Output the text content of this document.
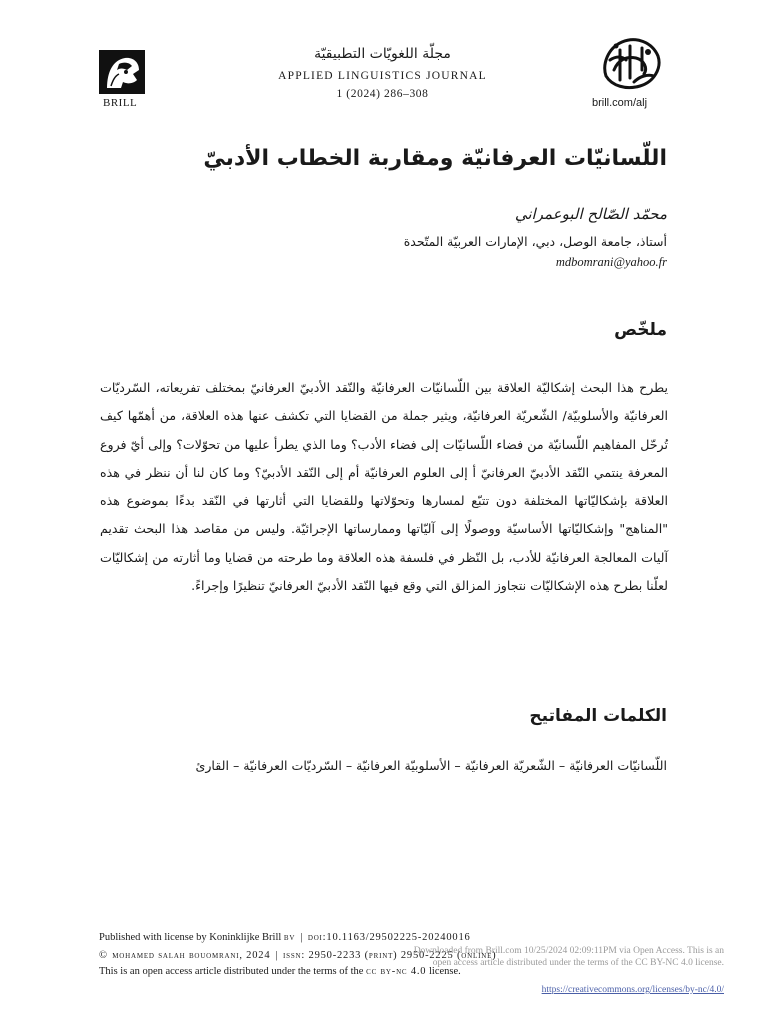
BRILL
مجلّة اللغويّات التطبيقيّة
APPLIED LINGUISTICS JOURNAL
1 (2024) 286–308
brill.com/alj
اللّسانيّات العرفانيّة ومقاربة الخطاب الأدبيّ
محمّد الصّالح البوعمراني
أستاذ، جامعة الوصل، دبي، الإمارات العربيّة المتّحدة
mdbomrani@yahoo.fr
ملخّص
يطرح هذا البحث إشكاليّة العلاقة بين اللّسانيّات العرفانيّة والنّقد الأدبيّ العرفانيّ بمختلف تفريعاته، السّرديّات العرفانيّة والأسلوبيّة/ الشّعريّة العرفانيّة، ويثير جملة من القضايا التي تكشف عنها هذه العلاقة، من أهمّها كيف تُرحّل المفاهيم اللّسانيّة من فضاء اللّسانيّات إلى فضاء الأدب؟ وما الذي يطرأ عليها من تحوّلات؟ وإلى أيّ فروع المعرفة ينتمي النّقد الأدبيّ العرفانيّ أ إلى العلوم العرفانيّة أم إلى النّقد الأدبيّ؟ وما كان لنا أن ننظر في هذه العلاقة بإشكاليّاتها المختلفة دون تتبّع لمسارها وتحوّلاتها وللقضايا التي أثارتها في النّقد بدءًا بموضوع هذه "المناهج" وإشكاليّاتها الأساسيّة ووصولًا إلى آليّاتها وممارساتها الإجرائيّة. وليس من مقاصد هذا البحث تقديم آليات المعالجة العرفانيّة للأدب، بل النّظر في فلسفة هذه العلاقة وما طرحته من قضايا وما أثارته من إشكاليّات لعلّنا بطرح هذه الإشكاليّات نتجاوز المزالق التي وقع فيها النّقد الأدبيّ العرفانيّ تنظيرًا وإجراءً.
الكلمات المفاتيح
اللّسانيّات العرفانيّة – الشّعريّة العرفانيّة – الأسلوبيّة العرفانيّة – السّرديّات العرفانيّة – القارئ
Published with license by Koninklijke Brill bv | doi:10.1163/29502225-20240016
© mohamed salah bouomrani, 2024 | issn: 2950-2233 (print) 2950-2225 (online)
This is an open access article distributed under the terms of the cc by-nc 4.0 license.
Downloaded from Brill.com 10/25/2024 02:09:11PM via Open Access. This is an open access article distributed under the terms of the CC BY-NC 4.0 license.
https://creativecommons.org/licenses/by-nc/4.0/
